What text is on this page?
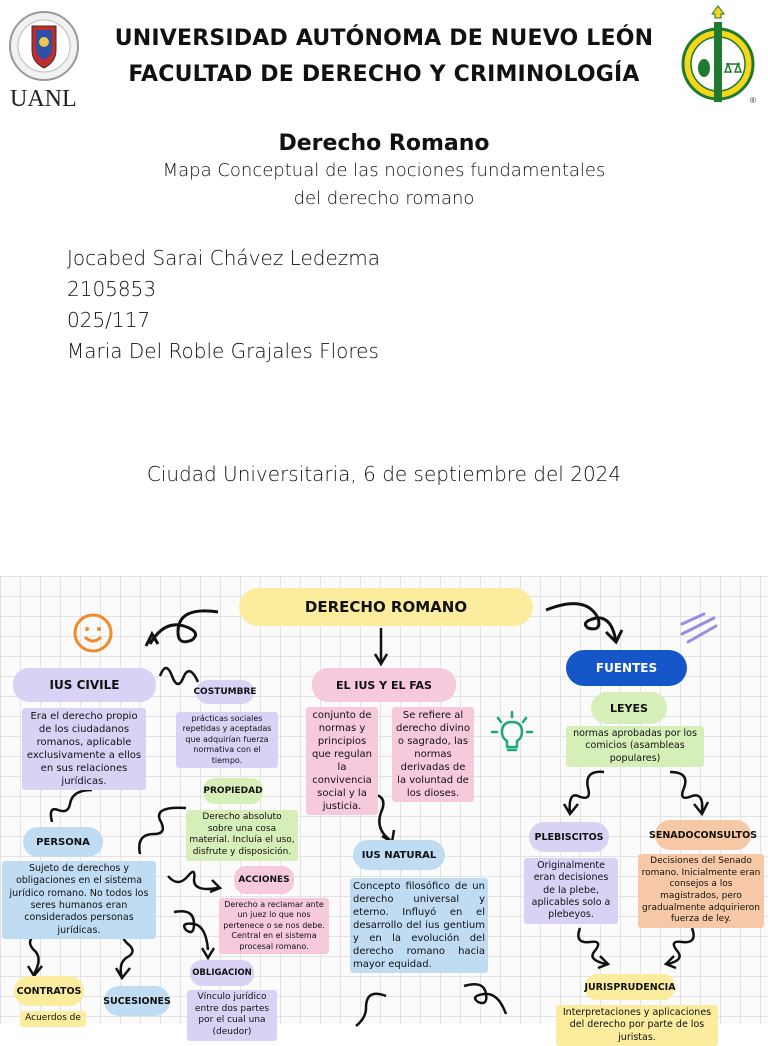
UANL
UNIVERSIDAD AUTÓNOMA DE NUEVO LEÓN
FACULTAD DE DERECHO Y CRIMINOLOGÍA
®
Derecho Romano
Mapa Conceptual de las nociones fundamentales
del derecho romano
Jocabed Sarai Chávez Ledezma
2105853
025/117
Maria Del Roble Grajales Flores
Ciudad Universitaria, 6 de septiembre del 2024
DERECHO ROMANO
IUS CIVILE
Era el derecho propio de los ciudadanos romanos, aplicable exclusivamente a ellos en sus relaciones jurídicas.
COSTUMBRE
prácticas sociales repetidas y aceptadas que adquirían fuerza normativa con el tiempo.
EL IUS Y EL FAS
conjunto de normas y principios que regulan la convivencia social y la justicia.
Se refiere al derecho divino o sagrado, las normas derivadas de la voluntad de los dioses.
FUENTES
LEYES
normas aprobadas por los comicios (asambleas populares)
PROPIEDAD
Derecho absoluto sobre una cosa material. Incluía el uso, disfrute y disposición.
PERSONA
Sujeto de derechos y obligaciones en el sistema jurídico romano. No todos los seres humanos eran considerados personas jurídicas.
ACCIONES
Derecho a reclamar ante un juez lo que nos pertenece o se nos debe. Central en el sistema procesal romano.
IUS NATURAL
Concepto filosófico de un derecho universal y eterno. Influyó en el desarrollo del ius gentium y en la evolución del derecho romano hacia mayor equidad.
PLEBISCITOS
Originalmente eran decisiones de la plebe, aplicables solo a plebeyos.
SENADOCONSULTOS
Decisiones del Senado romano. Inicialmente eran consejos a los magistrados, pero gradualmente adquirieron fuerza de ley.
OBLIGACION
Vínculo jurídico entre dos partes por el cual una (deudor)
CONTRATOS
Acuerdos de
SUCESIONES
JURISPRUDENCIA
Interpretaciones y aplicaciones del derecho por parte de los juristas.
